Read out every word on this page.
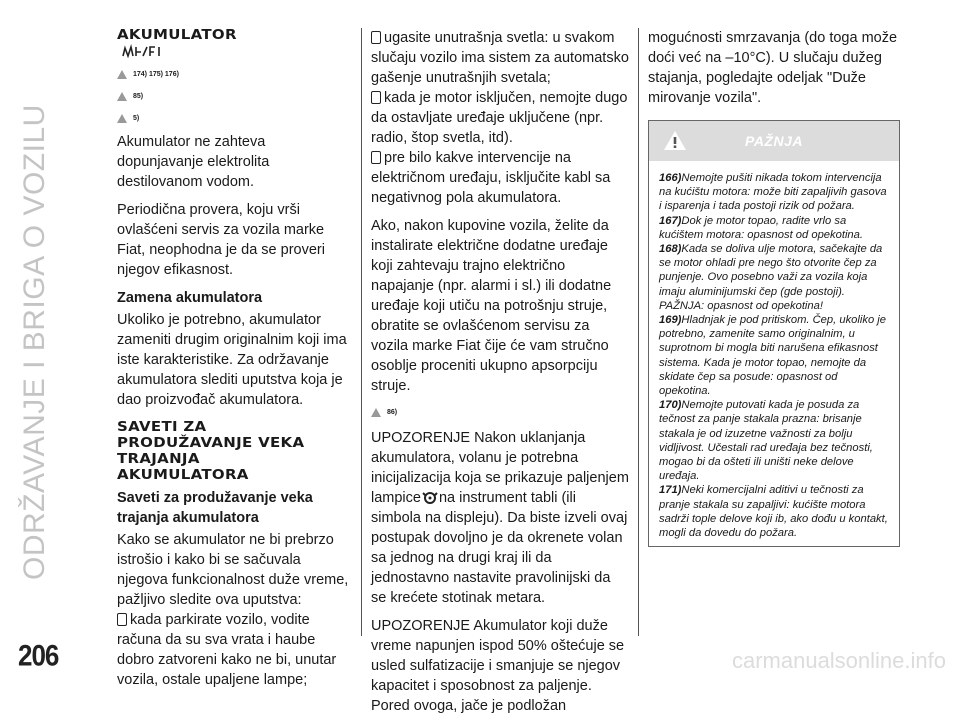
ODRŽAVANJE I BRIGA O VOZILU
206	carmanualsonline.info
AKUMULATOR
174) 175) 176)
85)
5)

Akumulator ne zahteva dopunjavanje elektrolita destilovanom vodom.

Periodična provera, koju vrši ovlašćeni servis za vozila marke Fiat, neophodna je da se proveri njegov efikasnost.

Zamena akumulatora

Ukoliko je potrebno, akumulator zameniti drugim originalnim koji ima iste karakteristike. Za održavanje akumulatora slediti uputstva koja je dao proizvođač akumulatora.

SAVETI ZA
PRODUŽAVANJE VEKA
TRAJANJA
AKUMULATORA
Saveti za produžavanje veka trajanja akumulatora

Kako se akumulator ne bi prebrzo istrošio i kako bi se sačuvala njegova funkcionalnost duže vreme, pažljivo sledite ova uputstva:

kada parkirate vozilo, vodite računa da su sva vrata i haube dobro zatvoreni kako ne bi, unutar vozila, ostale upaljene lampe;

ugasite unutrašnja svetla: u svakom slučaju vozilo ima sistem za automatsko gašenje unutrašnjih svetala;

kada je motor isključen, nemojte dugo da ostavljate uređaje uključene (npr. radio, štop svetla, itd).

pre bilo kakve intervencije na električnom uređaju, isključite kabl sa negativnog pola akumulatora.

Ako, nakon kupovine vozila, želite da instalirate električne dodatne uređaje koji zahtevaju trajno električno napajanje (npr. alarmi i sl.) ili dodatne uređaje koji utiču na potrošnju struje, obratite se ovlašćenom servisu za vozila marke Fiat čije će vam stručno osoblje proceniti ukupno apsorpciju struje.

86)

UPOZORENJE Nakon uklanjanja akumulatora, volanu je potrebna inicijalizacija koja se prikazuje paljenjem lampice na instrument tabli (ili simbola na displeju). Da biste izveli ovaj postupak dovoljno je da okrenete volan sa jednog na drugi kraj ili da jednostavno nastavite pravolinijski da se krećete stotinak metara.

UPOZORENJE Akumulator koji duže vreme napunjen ispod 50% oštećuje se usled sulfatizacije i smanjuje se njegov kapacitet i sposobnost za paljenje. Pored ovoga, jače je podložan

mogućnosti smrzavanja (do toga može doći već na –10°C). U slučaju dužeg stajanja, pogledajte odeljak "Duže mirovanje vozila".

PAŽNJA
166)Nemojte pušiti nikada tokom intervencija na kućištu motora: može biti zapaljivih gasova i isparenja i tada postoji rizik od požara.
167)Dok je motor topao, radite vrlo sa kućištem motora: opasnost od opekotina.
168)Kada se doliva ulje motora, sačekajte da se motor ohladi pre nego što otvorite čep za punjenje. Ovo posebno važi za vozila koja imaju aluminijumski čep (gde postoji). PAŽNJA: opasnost od opekotina!
169)Hladnjak je pod pritiskom. Čep, ukoliko je potrebno, zamenite samo originalnim, u suprotnom bi mogla biti narušena efikasnost sistema. Kada je motor topao, nemojte da skidate čep sa posude: opasnost od opekotina.
170)Nemojte putovati kada je posuda za tečnost za panje stakala prazna: brisanje stakala je od izuzetne važnosti za bolju vidljivost. Učestali rad uređaja bez tečnosti, mogao bi da ošteti ili uništi neke delove uređaja.
171)Neki komercijalni aditivi u tečnosti za pranje stakala su zapaljivi: kućište motora sadrži tople delove koji ib, ako dođu u kontakt, mogli da dovedu do požara.
